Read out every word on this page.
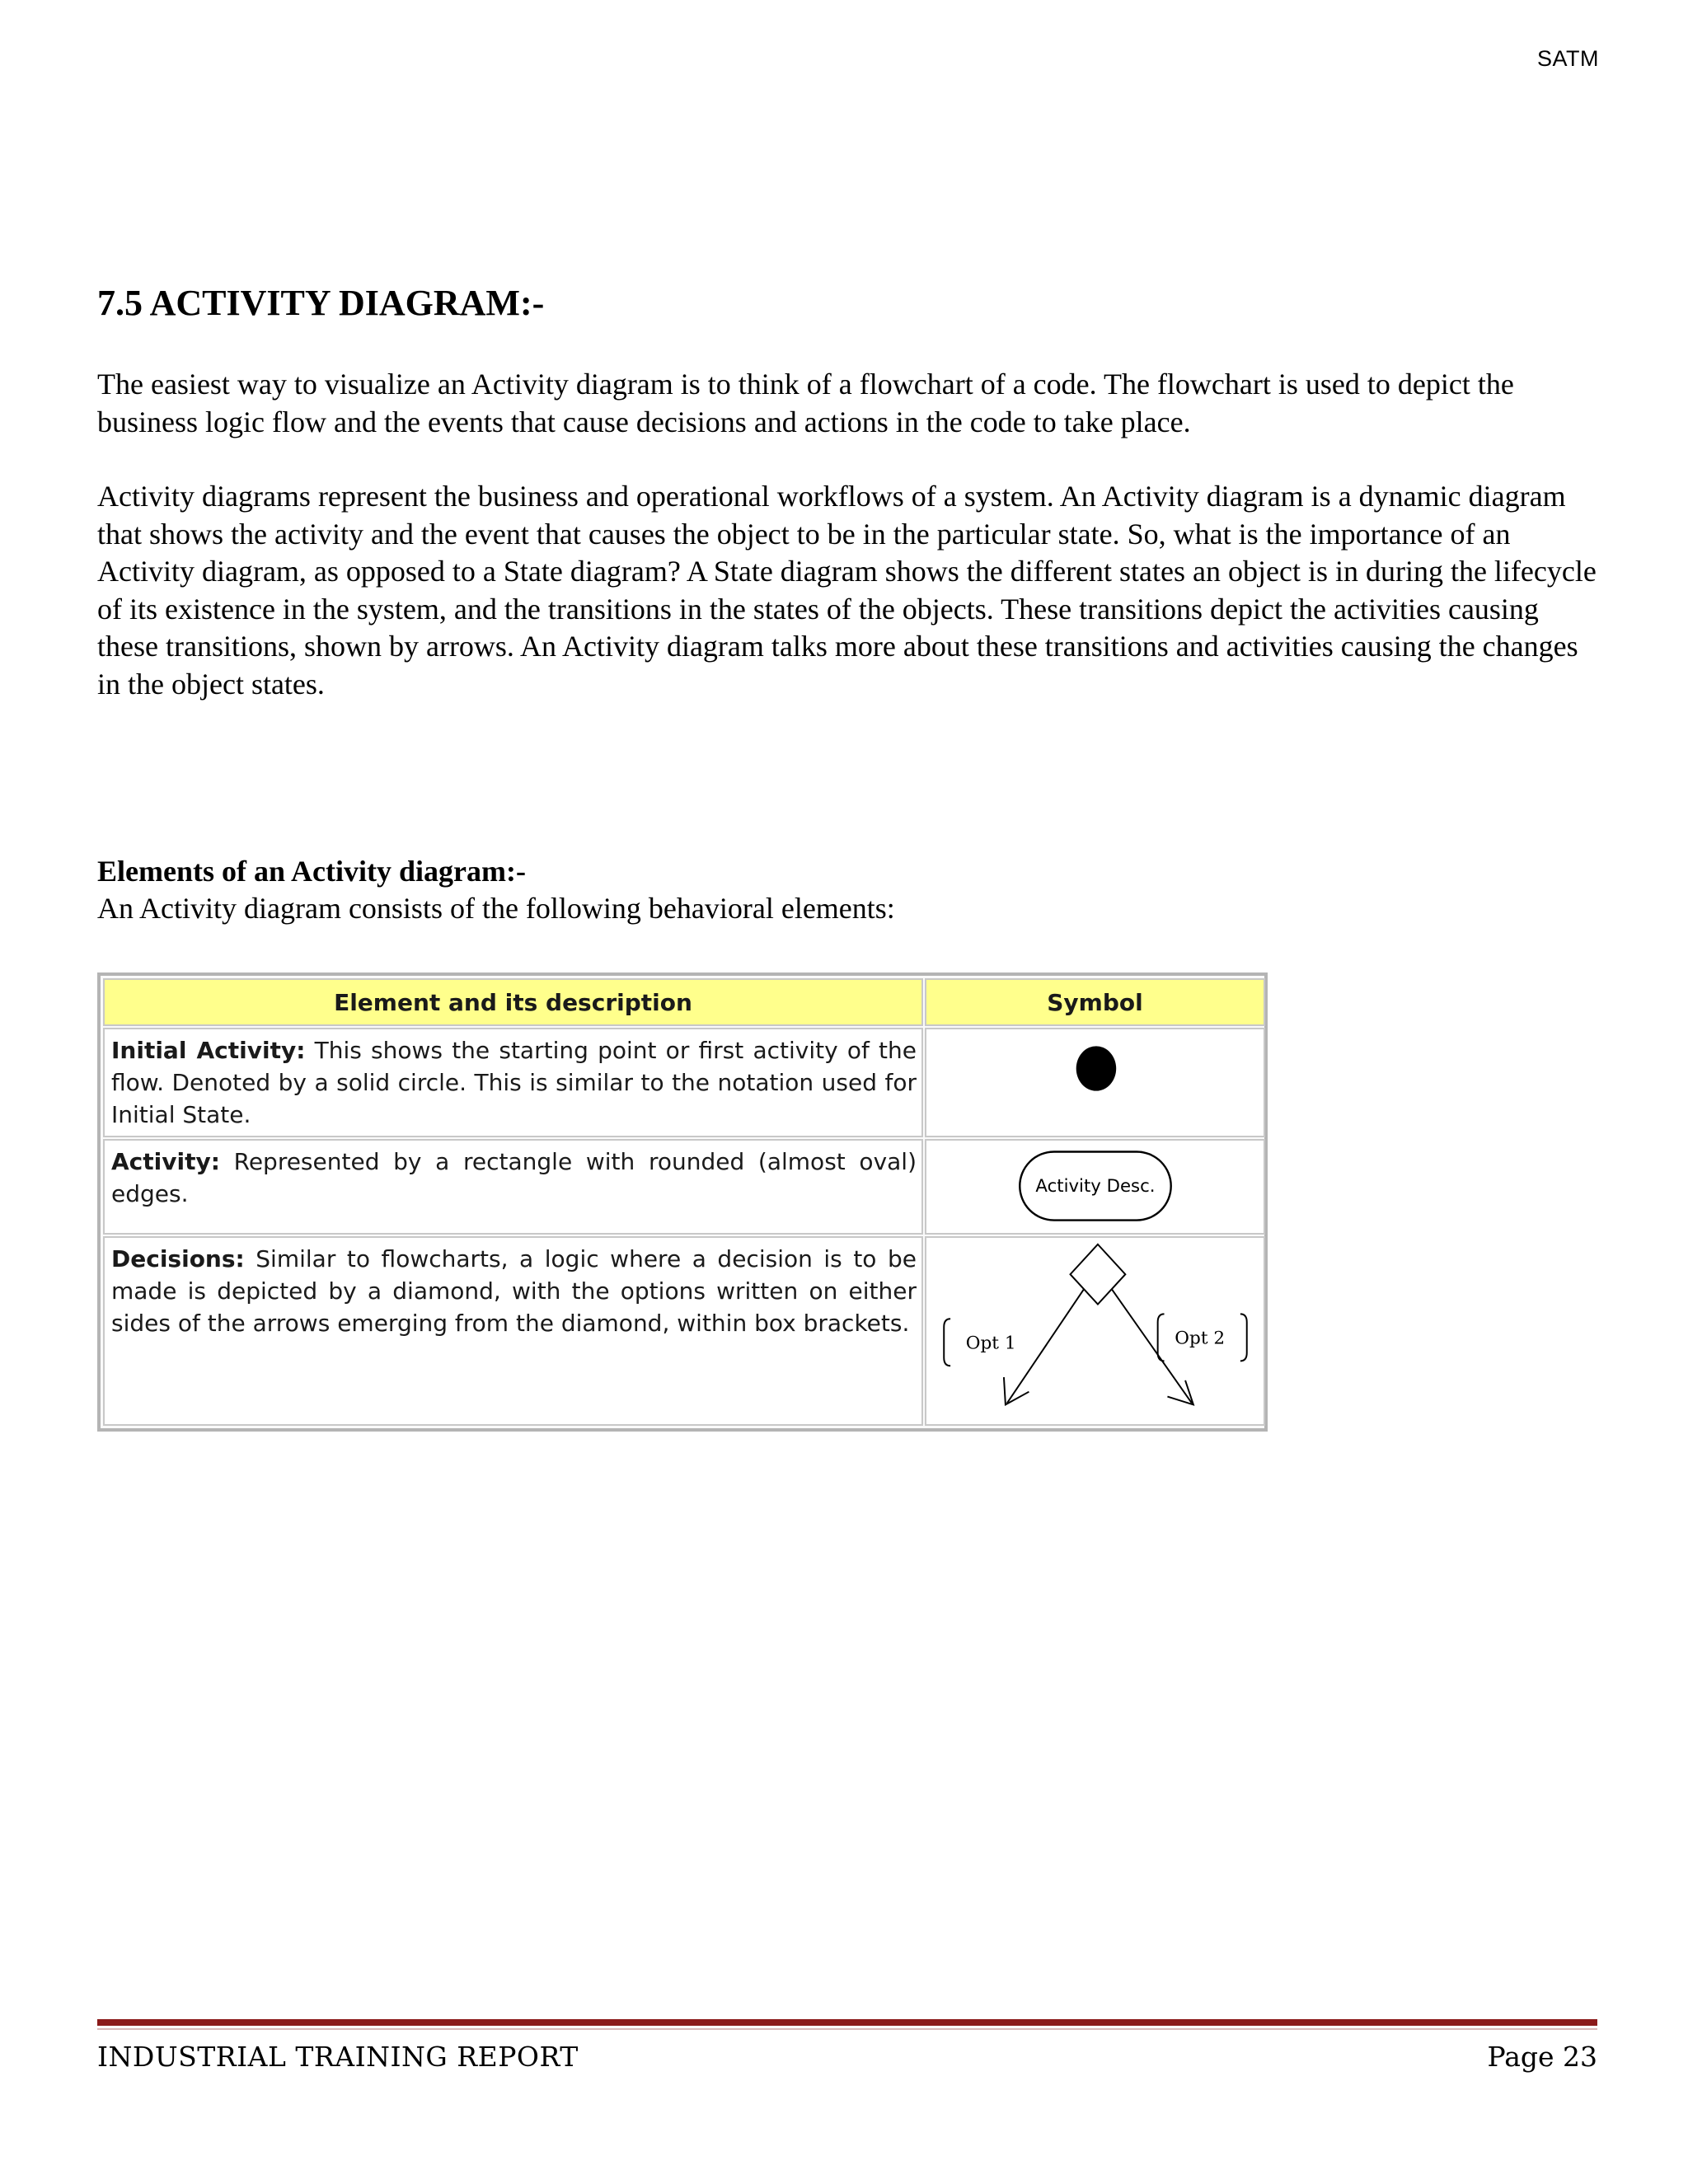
SATM
7.5 ACTIVITY DIAGRAM:-

The easiest way to visualize an Activity diagram is to think of a flowchart of a code. The flowchart is used to depict the business logic flow and the events that cause decisions and actions in the code to take place.

Activity diagrams represent the business and operational workflows of a system. An Activity diagram is a dynamic diagram that shows the activity and the event that causes the object to be in the particular state. So, what is the importance of an Activity diagram, as opposed to a State diagram? A State diagram shows the different states an object is in during the lifecycle of its existence in the system, and the transitions in the states of the objects. These transitions depict the activities causing these transitions, shown by arrows. An Activity diagram talks more about these transitions and activities causing the changes in the object states.

Elements of an Activity diagram:-

An Activity diagram consists of the following behavioral elements:

Element and its description	Symbol
Initial Activity: This shows the starting point or first activity of the flow. Denoted by a solid circle. This is similar to the notation used for Initial State.
Activity: Represented by a rectangle with rounded (almost oval) edges.	Activity Desc.
Decisions: Similar to flowcharts, a logic where a decision is to be made is depicted by a diamond, with the options written on either sides of the arrows emerging from the diamond, within box brackets.
Opt 1	Opt 2
INDUSTRIAL TRAINING REPORT	Page 23
